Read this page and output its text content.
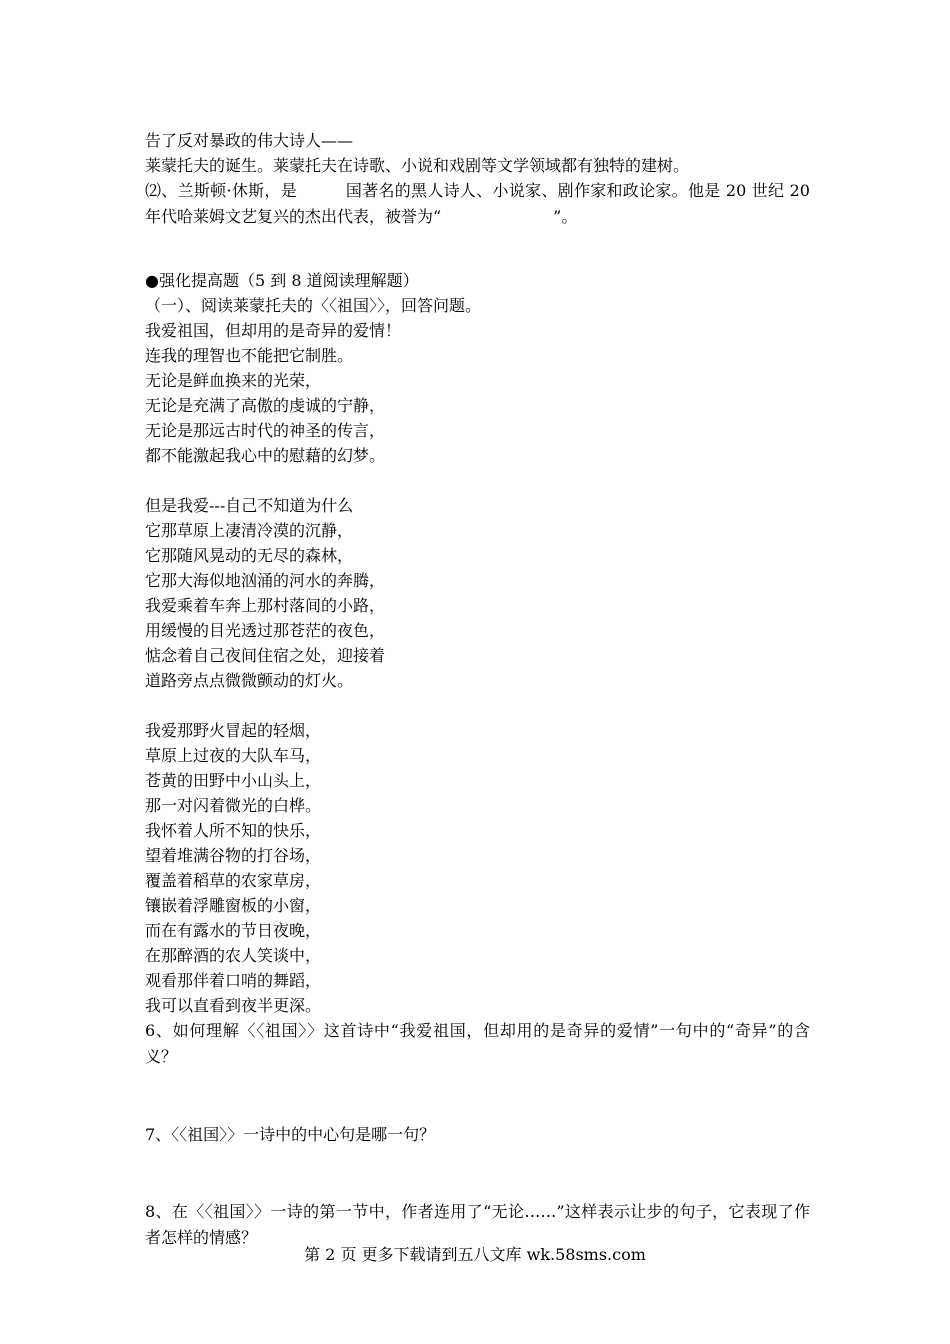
告了反对暴政的伟大诗人——
莱蒙托夫的诞生。莱蒙托夫在诗歌、小说和戏剧等文学领域都有独特的建树。
⑵、兰斯顿·休斯，是　　　国著名的黑人诗人、小说家、剧作家和政论家。他是 20 世纪 20 年代哈莱姆文艺复兴的杰出代表，被誉为“　　　　　　　”。
●强化提高题（5 到 8 道阅读理解题）
（一）、阅读莱蒙托夫的〈〈祖国〉〉，回答问题。
我爱祖国，但却用的是奇异的爱情！
连我的理智也不能把它制胜。
无论是鲜血换来的光荣，
无论是充满了高傲的虔诚的宁静，
无论是那远古时代的神圣的传言，
都不能激起我心中的慰藉的幻梦。
但是我爱---自己不知道为什么
它那草原上凄清冷漠的沉静，
它那随风晃动的无尽的森林，
它那大海似地汹涌的河水的奔腾，
我爱乘着车奔上那村落间的小路，
用缓慢的目光透过那苍茫的夜色，
惦念着自己夜间住宿之处，迎接着
道路旁点点微微颤动的灯火。
我爱那野火冒起的轻烟，
草原上过夜的大队车马，
苍黄的田野中小山头上，
那一对闪着微光的白桦。
我怀着人所不知的快乐，
望着堆满谷物的打谷场，
覆盖着稻草的农家草房，
镶嵌着浮雕窗板的小窗，
而在有露水的节日夜晚，
在那醉酒的农人笑谈中，
观看那伴着口哨的舞蹈，
我可以直看到夜半更深。
6、如何理解〈〈祖国〉〉这首诗中“我爱祖国，但却用的是奇异的爱情”一句中的“奇异”的含义？
7、〈〈祖国〉〉一诗中的中心句是哪一句？
8、在〈〈祖国〉〉一诗的第一节中，作者连用了“无论……”这样表示让步的句子，它表现了作者怎样的情感？
第 2 页 更多下载请到五八文库 wk.58sms.com
